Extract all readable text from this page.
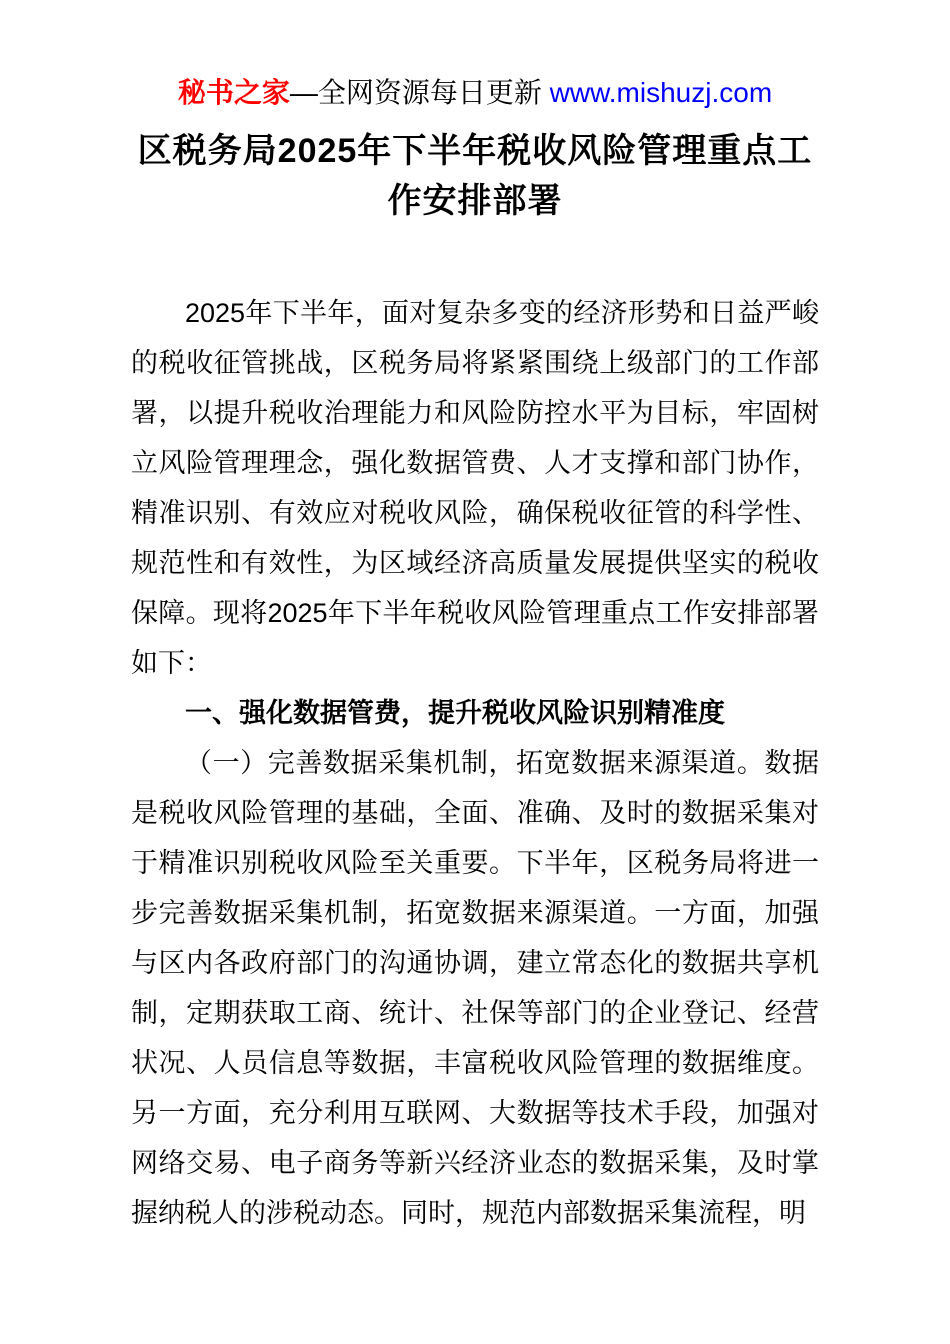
秘书之家—全网资源每日更新 www.mishuzj.com
区税务局2025年下半年税收风险管理重点工作安排部署

2025年下半年，面对复杂多变的经济形势和日益严峻的税收征管挑战，区税务局将紧紧围绕上级部门的工作部署，以提升税收治理能力和风险防控水平为目标，牢固树立风险管理理念，强化数据管费、人才支撑和部门协作，精准识别、有效应对税收风险，确保税收征管的科学性、规范性和有效性，为区域经济高质量发展提供坚实的税收保障。现将2025年下半年税收风险管理重点工作安排部署如下：

一、强化数据管费，提升税收风险识别精准度

（一）完善数据采集机制，拓宽数据来源渠道。数据是税收风险管理的基础，全面、准确、及时的数据采集对于精准识别税收风险至关重要。下半年，区税务局将进一步完善数据采集机制，拓宽数据来源渠道。一方面，加强与区内各政府部门的沟通协调，建立常态化的数据共享机制，定期获取工商、统计、社保等部门的企业登记、经营状况、人员信息等数据，丰富税收风险管理的数据维度。另一方面，充分利用互联网、大数据等技术手段，加强对网络交易、电子商务等新兴经济业态的数据采集，及时掌握纳税人的涉税动态。同时，规范内部数据采集流程，明
